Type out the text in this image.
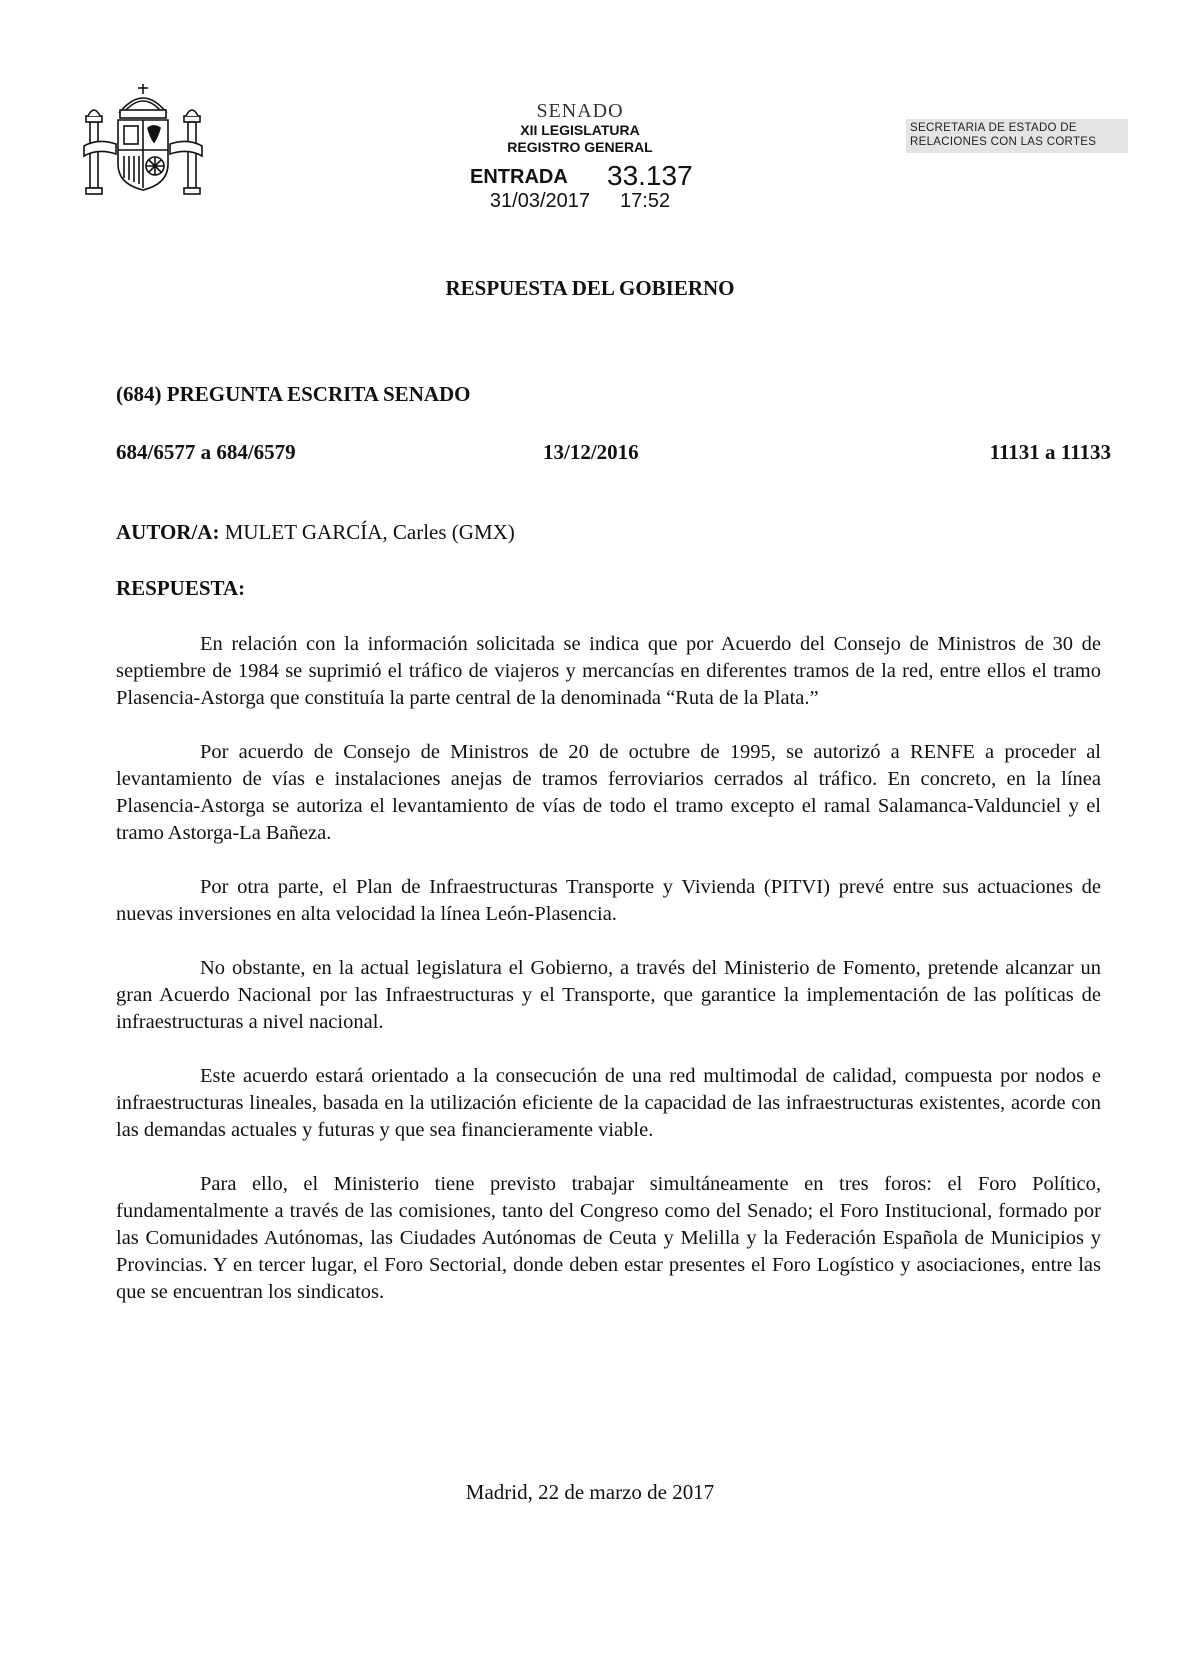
SENADO
XII LEGISLATURA
REGISTRO GENERAL
ENTRADA 33.137
31/03/2017 17:52
SECRETARIA DE ESTADO DE
RELACIONES CON LAS CORTES
RESPUESTA DEL GOBIERNO
(684) PREGUNTA ESCRITA SENADO
684/6577 a 684/6579	13/12/2016	11131 a 11133
AUTOR/A: MULET GARCÍA, Carles (GMX)
RESPUESTA:

En relación con la información solicitada se indica que por Acuerdo del Consejo de Ministros de 30 de septiembre de 1984 se suprimió el tráfico de viajeros y mercancías en diferentes tramos de la red, entre ellos el tramo Plasencia-Astorga que constituía la parte central de la denominada “Ruta de la Plata.”

Por acuerdo de Consejo de Ministros de 20 de octubre de 1995, se autorizó a RENFE a proceder al levantamiento de vías e instalaciones anejas de tramos ferroviarios cerrados al tráfico. En concreto, en la línea Plasencia-Astorga se autoriza el levantamiento de vías de todo el tramo excepto el ramal Salamanca-Valdunciel y el tramo Astorga-La Bañeza.

Por otra parte, el Plan de Infraestructuras Transporte y Vivienda (PITVI) prevé entre sus actuaciones de nuevas inversiones en alta velocidad la línea León-Plasencia.

No obstante, en la actual legislatura el Gobierno, a través del Ministerio de Fomento, pretende alcanzar un gran Acuerdo Nacional por las Infraestructuras y el Transporte, que garantice la implementación de las políticas de infraestructuras a nivel nacional.

Este acuerdo estará orientado a la consecución de una red multimodal de calidad, compuesta por nodos e infraestructuras lineales, basada en la utilización eficiente de la capacidad de las infraestructuras existentes, acorde con las demandas actuales y futuras y que sea financieramente viable.

Para ello, el Ministerio tiene previsto trabajar simultáneamente en tres foros: el Foro Político, fundamentalmente a través de las comisiones, tanto del Congreso como del Senado; el Foro Institucional, formado por las Comunidades Autónomas, las Ciudades Autónomas de Ceuta y Melilla y la Federación Española de Municipios y Provincias. Y en tercer lugar, el Foro Sectorial, donde deben estar presentes el Foro Logístico y asociaciones, entre las que se encuentran los sindicatos.

Madrid, 22 de marzo de 2017
